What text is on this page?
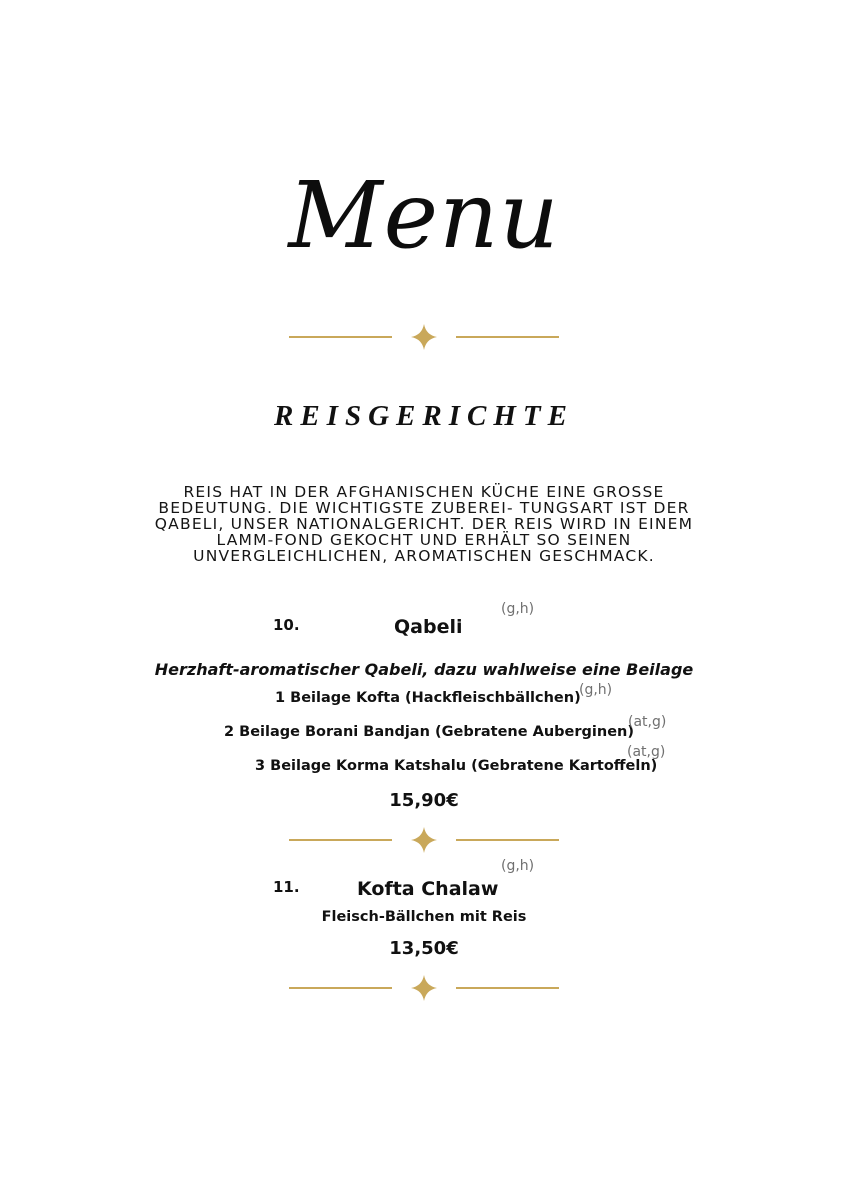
Menu
REISGERICHTE
REIS HAT IN DER AFGHANISCHEN KÜCHE EINE GROSSE
BEDEUTUNG. DIE WICHTIGSTE ZUBEREI- TUNGSART IST DER
QABELI, UNSER NATIONALGERICHT. DER REIS WIRD IN EINEM
LAMM-FOND GEKOCHT UND ERHÄLT SO SEINEN
UNVERGLEICHLICHEN, AROMATISCHEN GESCHMACK.
10.	Qabeli
(g,h)
Herzhaft-aromatischer Qabeli, dazu wahlweise eine Beilage
1 Beilage Kofta (Hackfleischbällchen)
(g,h)
2 Beilage Borani Bandjan (Gebratene Auberginen)
(at,g)
3 Beilage Korma Katshalu (Gebratene Kartoffeln)
(at,g)
15,90€
11.	Kofta Chalaw
(g,h)
Fleisch-Bällchen mit Reis
13,50€
